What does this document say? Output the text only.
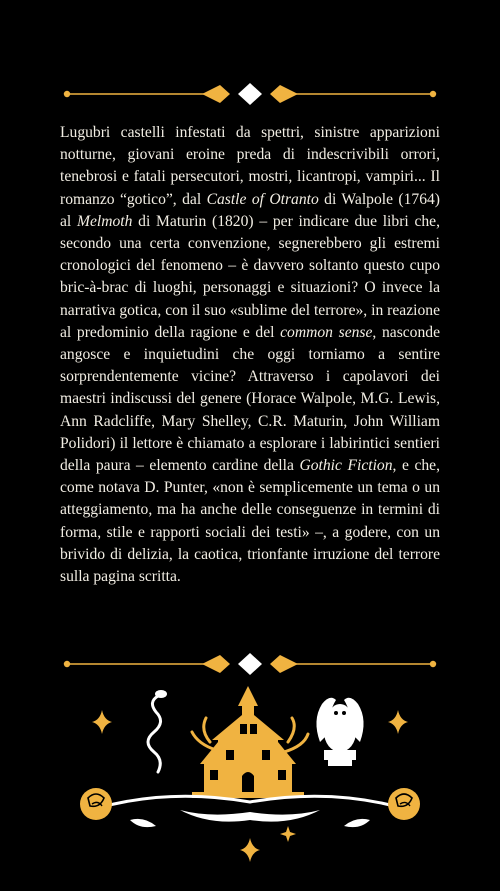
Lugubri castelli infestati da spettri, sinistre apparizioni notturne, giovani eroine preda di indescrivibili orrori, tenebrosi e fatali persecutori, mostri, licantropi, vampiri... Il romanzo “gotico”, dal Castle of Otranto di Walpole (1764) al Melmoth di Maturin (1820) – per indicare due libri che, secondo una certa convenzione, segnerebbero gli estremi cronologici del fenomeno – è davvero soltanto questo cupo bric-à-brac di luoghi, personaggi e situazioni? O invece la narrativa gotica, con il suo «sublime del terrore», in reazione al predominio della ragione e del common sense, nasconde angosce e inquietudini che oggi torniamo a sentire sorprendentemente vicine? Attraverso i capolavori dei maestri indiscussi del genere (Horace Walpole, M.G. Lewis, Ann Radcliffe, Mary Shelley, C.R. Maturin, John William Polidori) il lettore è chiamato a esplorare i labirintici sentieri della paura – elemento cardine della Gothic Fiction, e che, come notava D. Punter, «non è semplicemente un tema o un atteggiamento, ma ha anche delle conseguenze in termini di forma, stile e rapporti sociali dei testi» –, a godere, con un brivido di delizia, la caotica, trionfante irruzione del terrore sulla pagina scritta.
